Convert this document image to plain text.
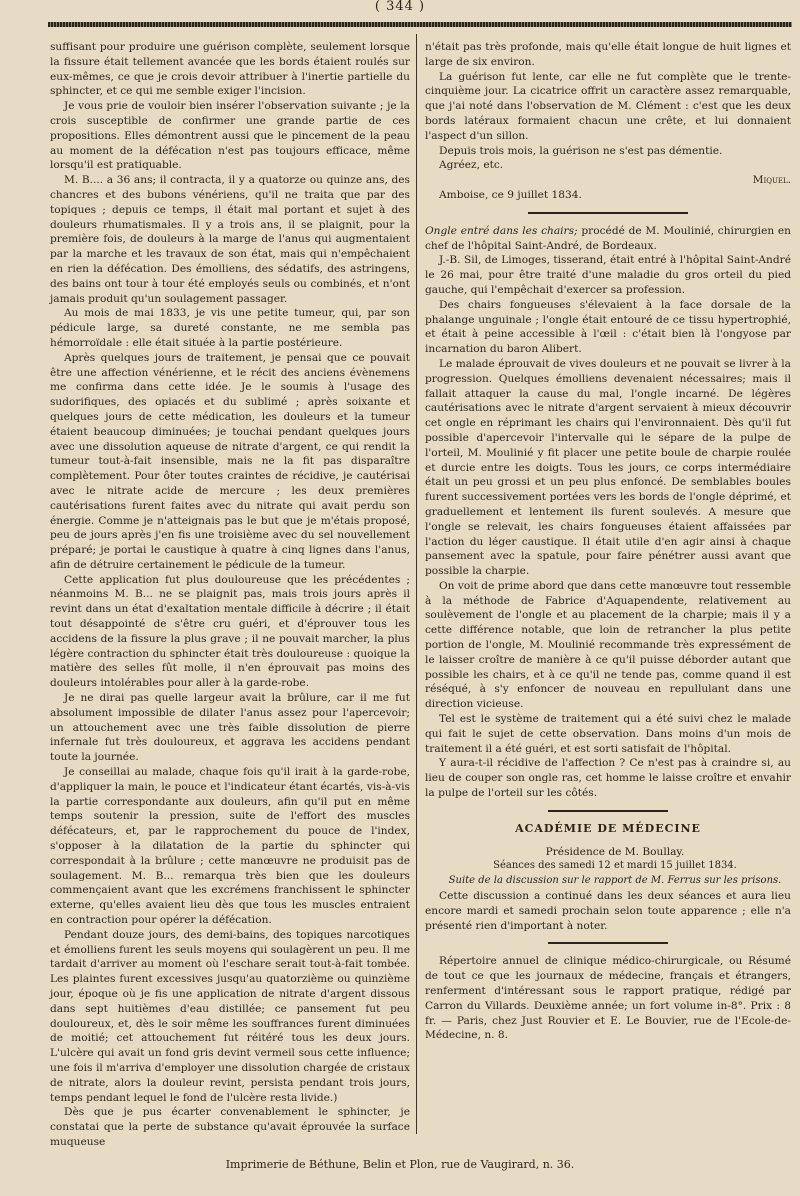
( 344 )

suffisant pour produire une guérison complète, seulement lorsque la fissure était tellement avancée que les bords étaient roulés sur eux-mêmes, ce que je crois devoir attribuer à l'inertie partielle du sphincter, et ce qui me semble exiger l'incision.

Je vous prie de vouloir bien insérer l'observation suivante ; je la crois susceptible de confirmer une grande partie de ces propositions. Elles démontrent aussi que le pincement de la peau au moment de la défécation n'est pas toujours efficace, même lorsqu'il est pratiquable.

M. B.... a 36 ans; il contracta, il y a quatorze ou quinze ans, des chancres et des bubons vénériens, qu'il ne traita que par des topiques ; depuis ce temps, il était mal portant et sujet à des douleurs rhumatismales. Il y a trois ans, il se plaignit, pour la première fois, de douleurs à la marge de l'anus qui augmentaient par la marche et les travaux de son état, mais qui n'empêchaient en rien la défécation. Des émolliens, des sédatifs, des astringens, des bains ont tour à tour été employés seuls ou combinés, et n'ont jamais produit qu'un soulagement passager.

Au mois de mai 1833, je vis une petite tumeur, qui, par son pédicule large, sa dureté constante, ne me sembla pas hémorroïdale : elle était située à la partie postérieure.

Après quelques jours de traitement, je pensai que ce pouvait être une affection vénérienne, et le récit des anciens évènemens me confirma dans cette idée. Je le soumis à l'usage des sudorifiques, des opiacés et du sublimé ; après soixante et quelques jours de cette médication, les douleurs et la tumeur étaient beaucoup diminuées; je touchai pendant quelques jours avec une dissolution aqueuse de nitrate d'argent, ce qui rendit la tumeur tout-à-fait insensible, mais ne la fit pas disparaître complètement. Pour ôter toutes craintes de récidive, je cautérisai avec le nitrate acide de mercure ; les deux premières cautérisations furent faites avec du nitrate qui avait perdu son énergie. Comme je n'atteignais pas le but que je m'étais proposé, peu de jours après j'en fis une troisième avec du sel nouvellement préparé; je portai le caustique à quatre à cinq lignes dans l'anus, afin de détruire certainement le pédicule de la tumeur.

Cette application fut plus douloureuse que les précédentes ; néanmoins M. B... ne se plaignit pas, mais trois jours après il revint dans un état d'exaltation mentale difficile à décrire ; il était tout désappointé de s'être cru guéri, et d'éprouver tous les accidens de la fissure la plus grave ; il ne pouvait marcher, la plus légère contraction du sphincter était très douloureuse : quoique la matière des selles fût molle, il n'en éprouvait pas moins des douleurs intolérables pour aller à la garde-robe.

Je ne dirai pas quelle largeur avait la brûlure, car il me fut absolument impossible de dilater l'anus assez pour l'apercevoir; un attouchement avec une très faible dissolution de pierre infernale fut très douloureux, et aggrava les accidens pendant toute la journée.

Je conseillai au malade, chaque fois qu'il irait à la garde-robe, d'appliquer la main, le pouce et l'indicateur étant écartés, vis-à-vis la partie correspondante aux douleurs, afin qu'il put en même temps soutenir la pression, suite de l'effort des muscles défécateurs, et, par le rapprochement du pouce de l'index, s'opposer à la dilatation de la partie du sphincter qui correspondait à la brûlure ; cette manœuvre ne produisit pas de soulagement. M. B... remarqua très bien que les douleurs commençaient avant que les excrémens franchissent le sphincter externe, qu'elles avaient lieu dès que tous les muscles entraient en contraction pour opérer la défécation.

Pendant douze jours, des demi-bains, des topiques narcotiques et émolliens furent les seuls moyens qui soulagèrent un peu. Il me tardait d'arriver au moment où l'eschare serait tout-à-fait tombée. Les plaintes furent excessives jusqu'au quatorzième ou quinzième jour, époque où je fis une application de nitrate d'argent dissous dans sept huitièmes d'eau distillée; ce pansement fut peu douloureux, et, dès le soir même les souffrances furent diminuées de moitié; cet attouchement fut réitéré tous les deux jours. L'ulcère qui avait un fond gris devint vermeil sous cette influence; une fois il m'arriva d'employer une dissolution chargée de cristaux de nitrate, alors la douleur revint, persista pendant trois jours, temps pendant lequel le fond de l'ulcère resta livide.)

Dès que je pus écarter convenablement le sphincter, je constatai que la perte de substance qu'avait éprouvée la surface muqueuse

n'était pas très profonde, mais qu'elle était longue de huit lignes et large de six environ.

La guérison fut lente, car elle ne fut complète que le trente-cinquième jour. La cicatrice offrit un caractère assez remarquable, que j'ai noté dans l'observation de M. Clément : c'est que les deux bords latéraux formaient chacun une crête, et lui donnaient l'aspect d'un sillon.

Depuis trois mois, la guérison ne s'est pas démentie.

Agréez, etc.

Miquel.

Amboise, ce 9 juillet 1834.

Ongle entré dans les chairs; procédé de M. Moulinié, chirurgien en chef de l'hôpital Saint-André, de Bordeaux.

J.-B. Sil, de Limoges, tisserand, était entré à l'hôpital Saint-André le 26 mai, pour être traité d'une maladie du gros orteil du pied gauche, qui l'empêchait d'exercer sa profession.

Des chairs fongueuses s'élevaient à la face dorsale de la phalange unguinale ; l'ongle était entouré de ce tissu hypertrophié, et était à peine accessible à l'œil : c'était bien là l'ongyose par incarnation du baron Alibert.

Le malade éprouvait de vives douleurs et ne pouvait se livrer à la progression. Quelques émolliens devenaient nécessaires; mais il fallait attaquer la cause du mal, l'ongle incarné. De légères cautérisations avec le nitrate d'argent servaient à mieux découvrir cet ongle en réprimant les chairs qui l'environnaient. Dès qu'il fut possible d'apercevoir l'intervalle qui le sépare de la pulpe de l'orteil, M. Moulinié y fit placer une petite boule de charpie roulée et durcie entre les doigts. Tous les jours, ce corps intermédiaire était un peu grossi et un peu plus enfoncé. De semblables boules furent successivement portées vers les bords de l'ongle déprimé, et graduellement et lentement ils furent soulevés. A mesure que l'ongle se relevait, les chairs fongueuses étaient affaissées par l'action du léger caustique. Il était utile d'en agir ainsi à chaque pansement avec la spatule, pour faire pénétrer aussi avant que possible la charpie.

On voit de prime abord que dans cette manœuvre tout ressemble à la méthode de Fabrice d'Aquapendente, relativement au soulèvement de l'ongle et au placement de la charpie; mais il y a cette différence notable, que loin de retrancher la plus petite portion de l'ongle, M. Moulinié recommande très expressément de le laisser croître de manière à ce qu'il puisse déborder autant que possible les chairs, et à ce qu'il ne tende pas, comme quand il est réséqué, à s'y enfoncer de nouveau en repullulant dans une direction vicieuse.

Tel est le système de traitement qui a été suivi chez le malade qui fait le sujet de cette observation. Dans moins d'un mois de traitement il a été guéri, et est sorti satisfait de l'hôpital.

Y aura-t-il récidive de l'affection ? Ce n'est pas à craindre si, au lieu de couper son ongle ras, cet homme le laisse croître et envahir la pulpe de l'orteil sur les côtés.

ACADÉMIE DE MÉDECINE

Présidence de M. Boullay.

Séances des samedi 12 et mardi 15 juillet 1834.

Suite de la discussion sur le rapport de M. Ferrus sur les prisons.

Cette discussion a continué dans les deux séances et aura lieu encore mardi et samedi prochain selon toute apparence ; elle n'a présenté rien d'important à noter.

Répertoire annuel de clinique médico-chirurgicale, ou Résumé de tout ce que les journaux de médecine, français et étrangers, renferment d'intéressant sous le rapport pratique, rédigé par Carron du Villards. Deuxième année; un fort volume in-8°. Prix : 8 fr. — Paris, chez Just Rouvier et E. Le Bouvier, rue de l'Ecole-de-Médecine, n. 8.

Imprimerie de Béthune, Belin et Plon, rue de Vaugirard, n. 36.
